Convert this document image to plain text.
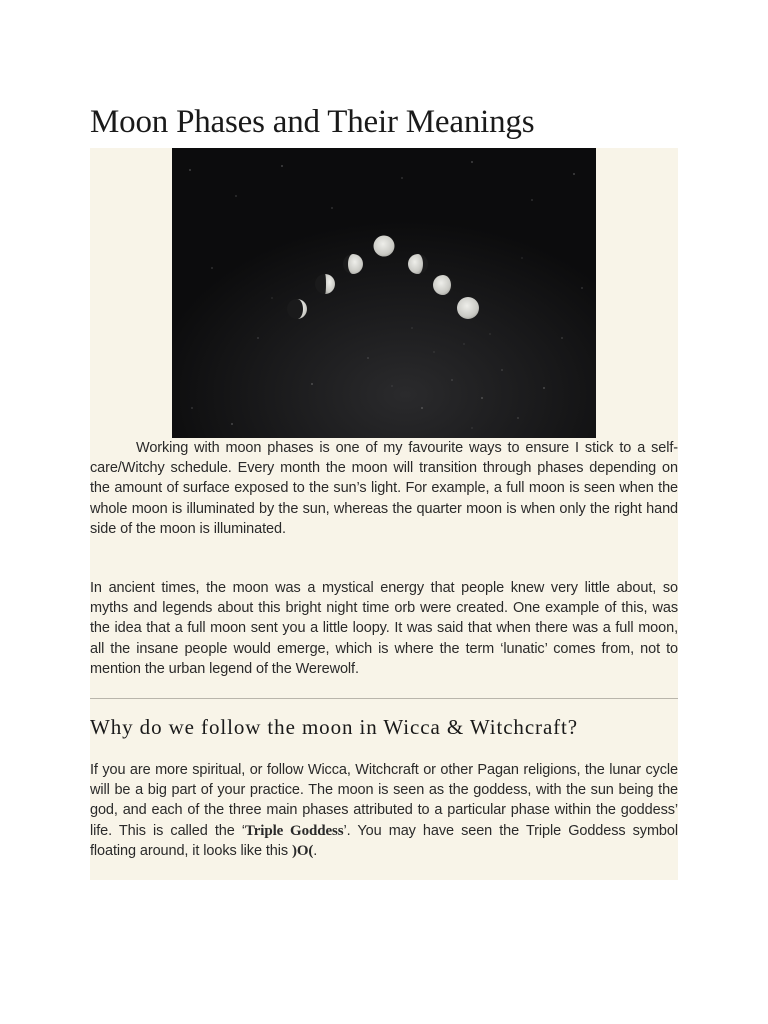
Moon Phases and Their Meanings

Working with moon phases is one of my favourite ways to ensure I stick to a self-care/Witchy schedule. Every month the moon will transition through phases depending on the amount of surface exposed to the sun’s light. For example, a full moon is seen when the whole moon is illuminated by the sun, whereas the quarter moon is when only the right hand side of the moon is illuminated.

In ancient times, the moon was a mystical energy that people knew very little about, so myths and legends about this bright night time orb were created. One example of this, was the idea that a full moon sent you a little loopy. It was said that when there was a full moon, all the insane people would emerge, which is where the term ‘lunatic’ comes from, not to mention the urban legend of the Werewolf.

Why do we follow the moon in Wicca & Witchcraft?

If you are more spiritual, or follow Wicca, Witchcraft or other Pagan religions, the lunar cycle will be a big part of your practice. The moon is seen as the goddess, with the sun being the god, and each of the three main phases attributed to a particular phase within the goddess’ life. This is called the ‘Triple Goddess’. You may have seen the Triple Goddess symbol floating around, it looks like this )O(.
